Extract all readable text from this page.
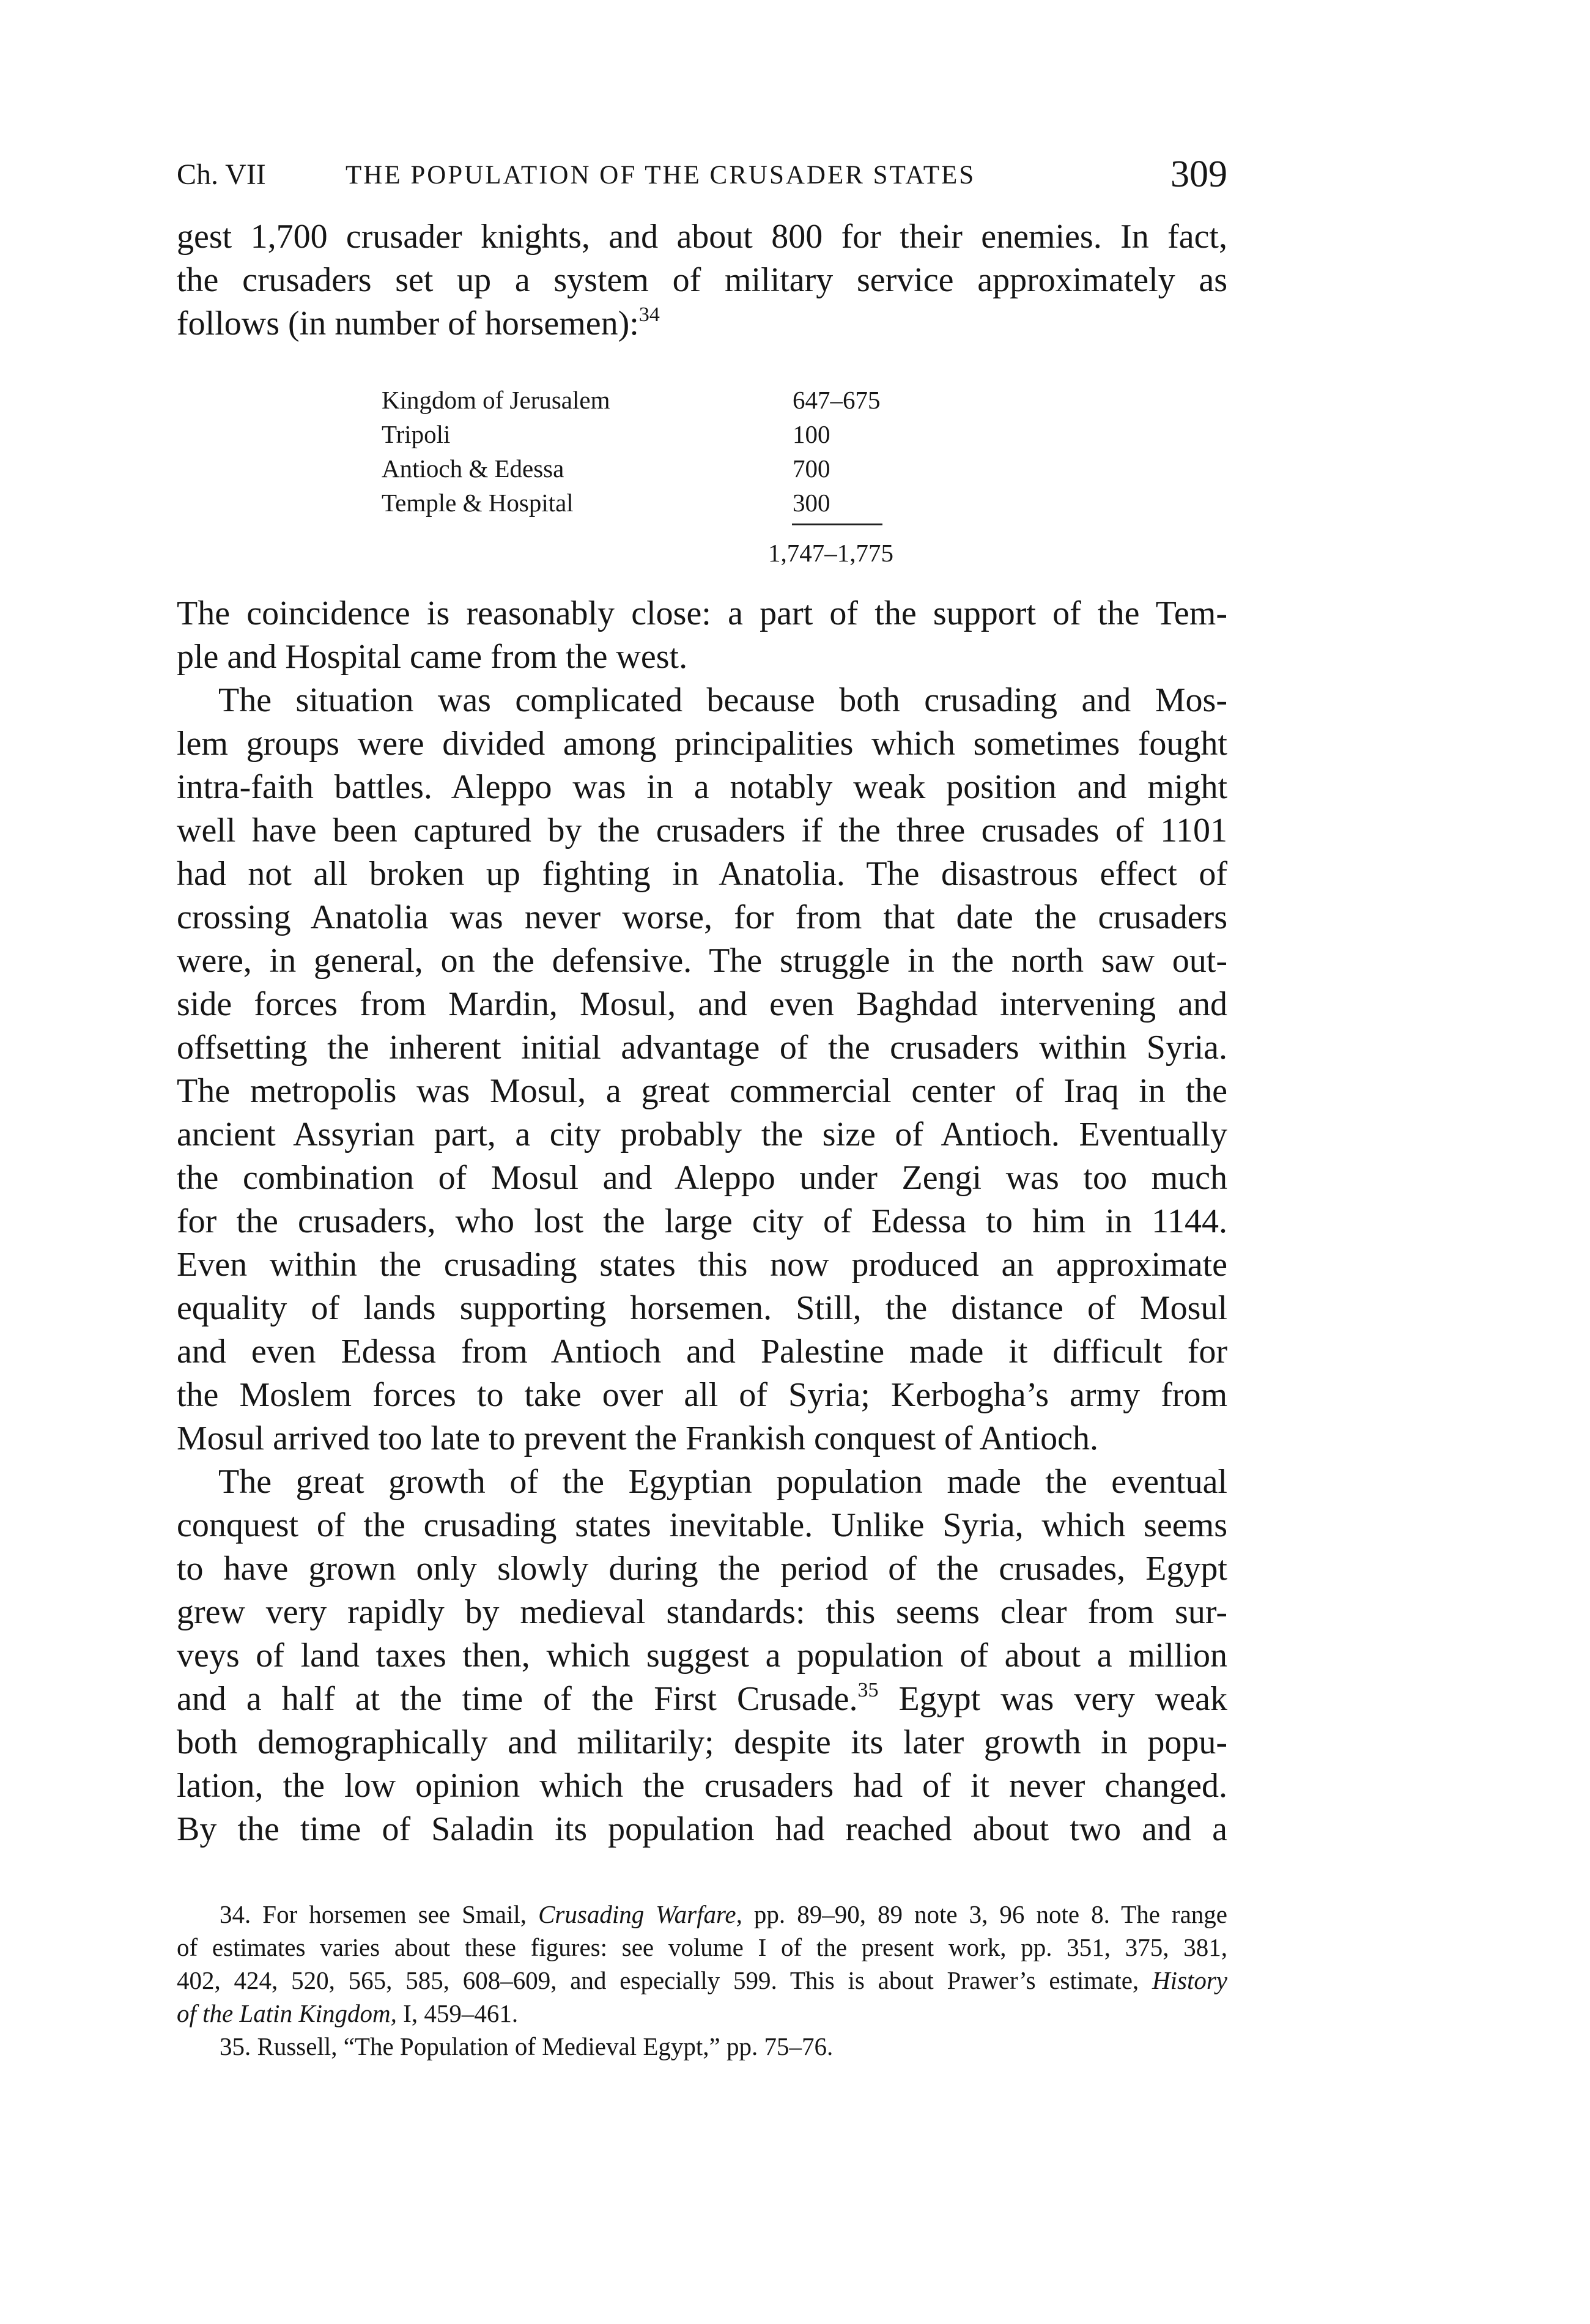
Ch. VII	THE POPULATION OF THE CRUSADER STATES	309
gest 1,700 crusader knights, and about 800 for their enemies. In fact,
the crusaders set up a system of military service approximately as
follows (in number of horsemen):$^{34}$
Kingdom of Jerusalem	647–675
Tripoli	100
Antioch & Edessa	700
Temple & Hospital	300
1,747–1,775
The coincidence is reasonably close: a part of the support of the Tem-
ple and Hospital came from the west.
The situation was complicated because both crusading and Mos-
lem groups were divided among principalities which sometimes fought
intra-faith battles. Aleppo was in a notably weak position and might
well have been captured by the crusaders if the three crusades of 1101
had not all broken up fighting in Anatolia. The disastrous effect of
crossing Anatolia was never worse, for from that date the crusaders
were, in general, on the defensive. The struggle in the north saw out-
side forces from Mardin, Mosul, and even Baghdad intervening and
offsetting the inherent initial advantage of the crusaders within Syria.
The metropolis was Mosul, a great commercial center of Iraq in the
ancient Assyrian part, a city probably the size of Antioch. Eventually
the combination of Mosul and Aleppo under Zengi was too much
for the crusaders, who lost the large city of Edessa to him in 1144.
Even within the crusading states this now produced an approximate
equality of lands supporting horsemen. Still, the distance of Mosul
and even Edessa from Antioch and Palestine made it difficult for
the Moslem forces to take over all of Syria; Kerbogha’s army from
Mosul arrived too late to prevent the Frankish conquest of Antioch.
The great growth of the Egyptian population made the eventual
conquest of the crusading states inevitable. Unlike Syria, which seems
to have grown only slowly during the period of the crusades, Egypt
grew very rapidly by medieval standards: this seems clear from sur-
veys of land taxes then, which suggest a population of about a million
and a half at the time of the First Crusade.$^{35}$ Egypt was very weak
both demographically and militarily; despite its later growth in popu-
lation, the low opinion which the crusaders had of it never changed.
By the time of Saladin its population had reached about two and a
34. For horsemen see Smail, Crusading Warfare, pp. 89–90, 89 note 3, 96 note 8. The range
of estimates varies about these figures: see volume I of the present work, pp. 351, 375, 381,
402, 424, 520, 565, 585, 608–609, and especially 599. This is about Prawer’s estimate, History
of the Latin Kingdom, I, 459–461.
35. Russell, “The Population of Medieval Egypt,” pp. 75–76.
